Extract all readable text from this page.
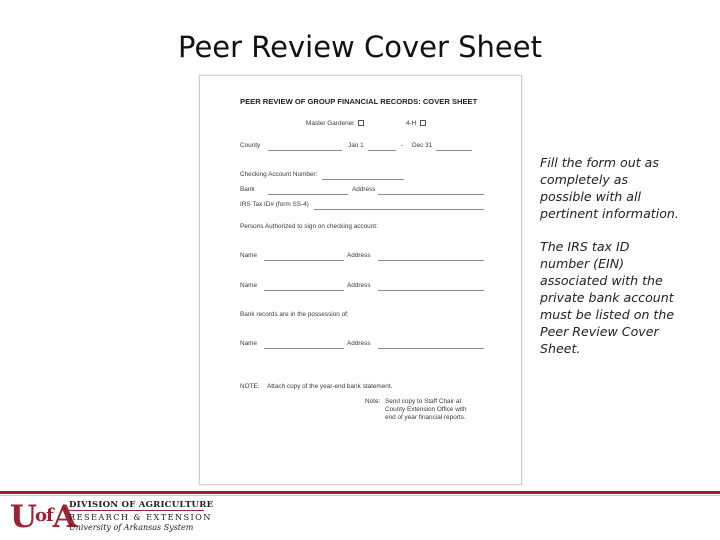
Peer Review Cover Sheet
PEER REVIEW OF GROUP FINANCIAL RECORDS: COVER SHEET
Master Gardener	4-H
County	Jan 1	- Dec 31
Checking Account Number:
Bank	Address
IRS Tax ID# (form SS-4)
Persons Authorized to sign on checking account:
Name	Address
Name	Address
Bank records are in the possession of:
Name	Address
NOTE: Attach copy of the year-end bank statement.
Note: Send copy to Staff Chair at
County Extension Office with
end of year financial reports.
Fill the form out as
completely as
possible with all
pertinent information.
The IRS tax ID
number (EIN)
associated with the
private bank account
must be listed on the
Peer Review Cover
Sheet.
UofA
DIVISION OF AGRICULTURE
RESEARCH & EXTENSION
University of Arkansas System
